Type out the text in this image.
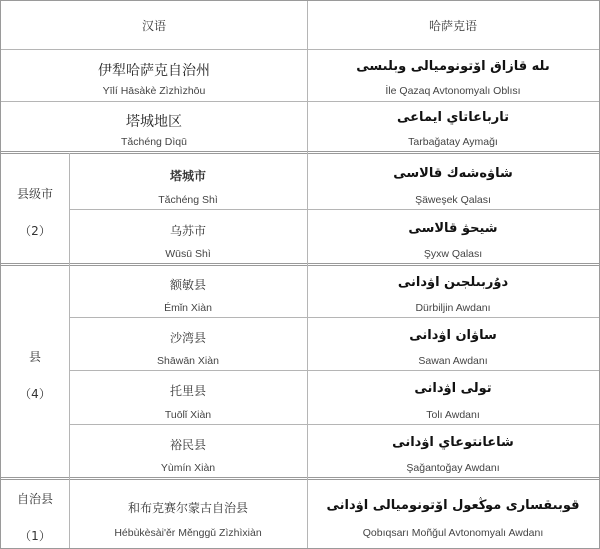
汉语	哈萨克语
伊犁哈萨克自治州
Yīlí Hāsàkè Zìzhìzhōu
ىله قازاق اۆتونوميالى وبلىسى
İle Qazaq Avtonomyalı Oblısı
塔城地区
Tǎchéng Dìqū
تارباعاتاي ايماعى
Tarbağatay Aymağı
县级市
（2）
县
（4）
自治县
（1）
塔城市
Tǎchéng Shì
شاۋەشەك قالاسى
Şäweşek Qalası
乌苏市
Wūsū Shì
شيحۋ قالاسى
Şyxw Qalası
额敏县
Émǐn Xiàn
دۇربىلجىن اۋدانى
Dürbiljin Awdanı
沙湾县
Shāwān Xiàn
ساۋان اۋدانى
Sawan Awdanı
托里县
Tuōlǐ Xiàn
تولى اۋدانى
Tolı Awdanı
裕民县
Yùmín Xiàn
شاعانتوعاي اۋدانى
Şağantoğay Awdanı
和布克赛尔蒙古自治县
Hébùkèsài'ěr Měnggǔ Zìzhìxiàn
قوبىقسارى موڭعول اۆتونوميالى اۋدانى
Qobıqsarı Moñğul Avtonomyalı Awdanı
